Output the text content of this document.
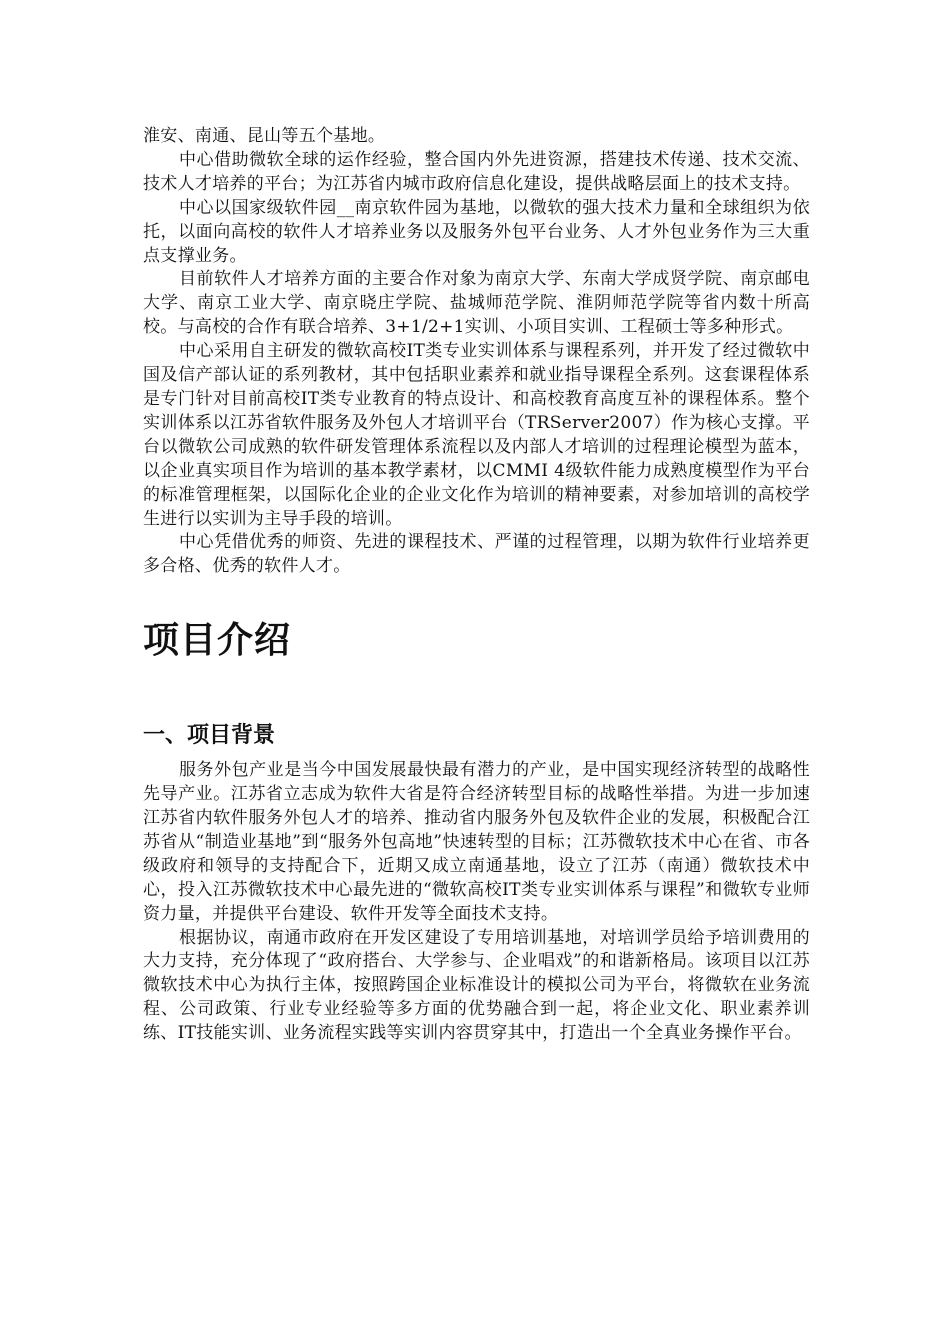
淮安、南通、昆山等五个基地。

中心借助微软全球的运作经验，整合国内外先进资源，搭建技术传递、技术交流、技术人才培养的平台；为江苏省内城市政府信息化建设，提供战略层面上的技术支持。

中心以国家级软件园__南京软件园为基地，以微软的强大技术力量和全球组织为依托，以面向高校的软件人才培养业务以及服务外包平台业务、人才外包业务作为三大重点支撑业务。

目前软件人才培养方面的主要合作对象为南京大学、东南大学成贤学院、南京邮电大学、南京工业大学、南京晓庄学院、盐城师范学院、淮阴师范学院等省内数十所高校。与高校的合作有联合培养、3+1/2+1实训、小项目实训、工程硕士等多种形式。

中心采用自主研发的微软高校IT类专业实训体系与课程系列，并开发了经过微软中国及信产部认证的系列教材，其中包括职业素养和就业指导课程全系列。这套课程体系是专门针对目前高校IT类专业教育的特点设计、和高校教育高度互补的课程体系。整个实训体系以江苏省软件服务及外包人才培训平台（TRServer2007）作为核心支撑。平台以微软公司成熟的软件研发管理体系流程以及内部人才培训的过程理论模型为蓝本，以企业真实项目作为培训的基本教学素材，以CMMI 4级软件能力成熟度模型作为平台的标准管理框架，以国际化企业的企业文化作为培训的精神要素，对参加培训的高校学生进行以实训为主导手段的培训。

中心凭借优秀的师资、先进的课程技术、严谨的过程管理，以期为软件行业培养更多合格、优秀的软件人才。

项目介绍
一、项目背景

服务外包产业是当今中国发展最快最有潜力的产业，是中国实现经济转型的战略性先导产业。江苏省立志成为软件大省是符合经济转型目标的战略性举措。为进一步加速江苏省内软件服务外包人才的培养、推动省内服务外包及软件企业的发展，积极配合江苏省从“制造业基地”到“服务外包高地”快速转型的目标；江苏微软技术中心在省、市各级政府和领导的支持配合下，近期又成立南通基地，设立了江苏（南通）微软技术中心，投入江苏微软技术中心最先进的“微软高校IT类专业实训体系与课程”和微软专业师资力量，并提供平台建设、软件开发等全面技术支持。

根据协议，南通市政府在开发区建设了专用培训基地，对培训学员给予培训费用的大力支持，充分体现了“政府搭台、大学参与、企业唱戏”的和谐新格局。该项目以江苏微软技术中心为执行主体，按照跨国企业标准设计的模拟公司为平台，将微软在业务流程、公司政策、行业专业经验等多方面的优势融合到一起，将企业文化、职业素养训练、IT技能实训、业务流程实践等实训内容贯穿其中，打造出一个全真业务操作平台。
